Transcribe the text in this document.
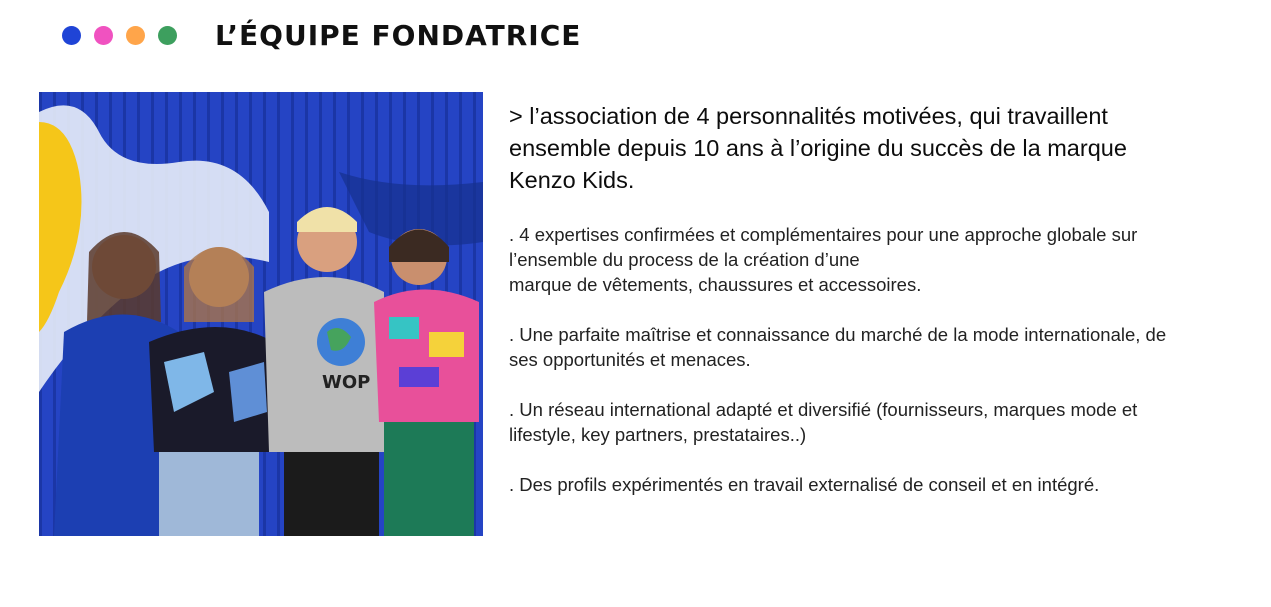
L’ÉQUIPE FONDATRICE
WOP

> l’association de 4 personnalités motivées, qui travaillent
ensemble depuis 10 ans à l’origine du succès de la marque
Kenzo Kids.

. 4 expertises confirmées et complémentaires pour une approche globale sur
l’ensemble du process de la création d’une
marque de vêtements, chaussures et accessoires.

. Une parfaite maîtrise et connaissance du marché de la mode internationale, de
ses opportunités et menaces.

. Un réseau international adapté et diversifié (fournisseurs, marques mode et
lifestyle, key partners, prestataires..)

. Des profils expérimentés en travail externalisé de conseil et en intégré.
